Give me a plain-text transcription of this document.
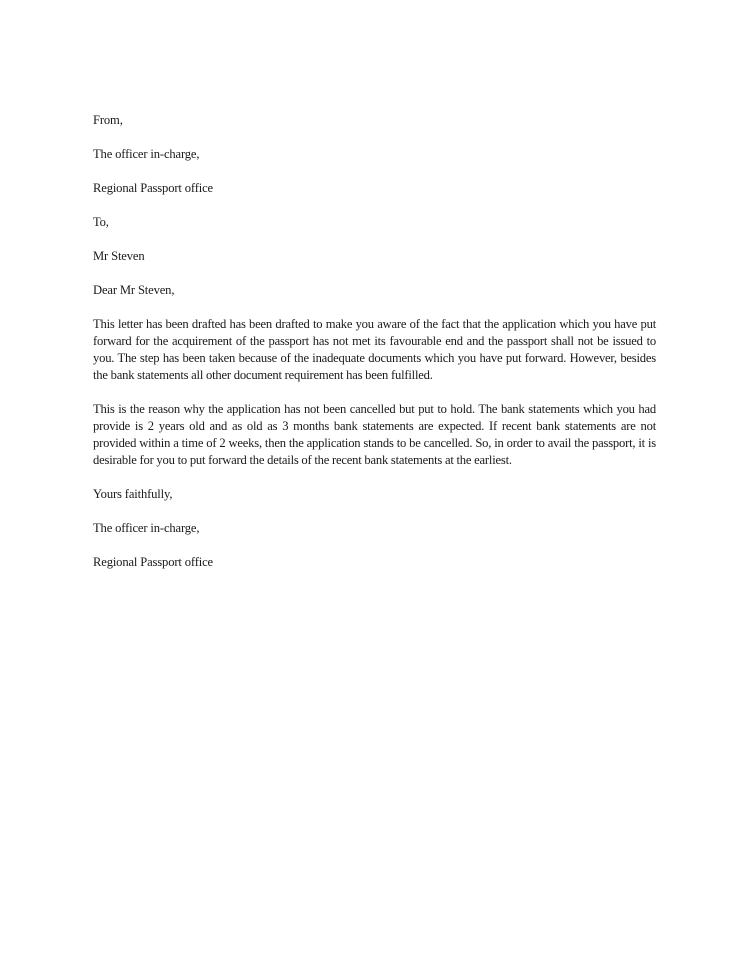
From,
The officer in-charge,
Regional Passport office
To,
Mr Steven
Dear Mr Steven,

This letter has been drafted has been drafted to make you aware of the fact that the application which you have put forward for the acquirement of the passport has not met its favourable end and the passport shall not be issued to you. The step has been taken because of the inadequate documents which you have put forward. However, besides the bank statements all other document requirement has been fulfilled.

This is the reason why the application has not been cancelled but put to hold. The bank statements which you had provide is 2 years old and as old as 3 months bank statements are expected. If recent bank statements are not provided within a time of 2 weeks, then the application stands to be cancelled. So, in order to avail the passport, it is desirable for you to put forward the details of the recent bank statements at the earliest.

Yours faithfully,
The officer in-charge,
Regional Passport office
